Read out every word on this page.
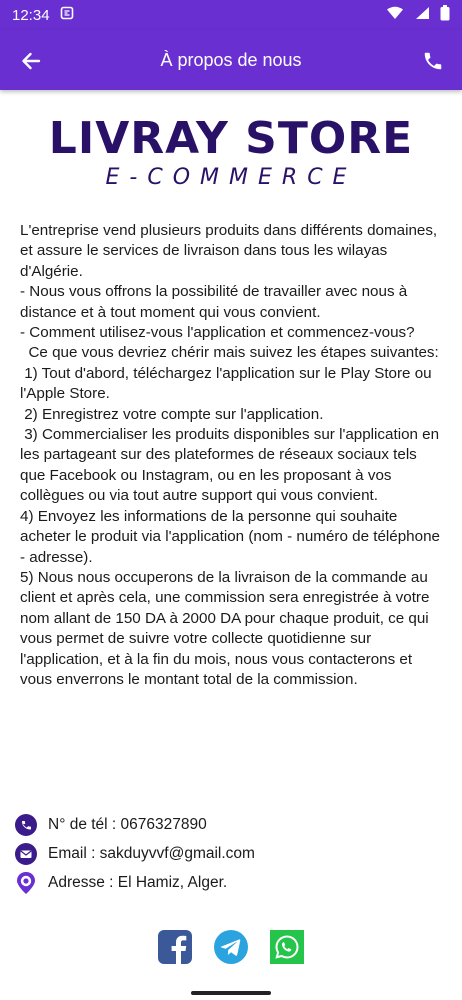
12:34
À propos de nous
LIVRAY STORE
E-COMMERCE
L'entreprise vend plusieurs produits dans différents domaines, et assure le services de livraison dans tous les wilayas d'Algérie.
- Nous vous offrons la possibilité de travailler avec nous à distance et à tout moment qui vous convient.
- Comment utilisez-vous l'application et commencez-vous?
Ce que vous devriez chérir mais suivez les étapes suivantes:
1) Tout d'abord, téléchargez l'application sur le Play Store ou l'Apple Store.
2) Enregistrez votre compte sur l'application.
3) Commercialiser les produits disponibles sur l'application en les partageant sur des plateformes de réseaux sociaux tels que Facebook ou Instagram, ou en les proposant à vos collègues ou via tout autre support qui vous convient.
4) Envoyez les informations de la personne qui souhaite acheter le produit via l'application (nom - numéro de téléphone - adresse).
5) Nous nous occuperons de la livraison de la commande au client et après cela, une commission sera enregistrée à votre nom allant de 150 DA à 2000 DA pour chaque produit, ce qui vous permet de suivre votre collecte quotidienne sur l'application, et à la fin du mois, nous vous contacterons et vous enverrons le montant total de la commission.
N° de tél : 0676327890
Email : sakduyvvf@gmail.com
Adresse : El Hamiz, Alger.
